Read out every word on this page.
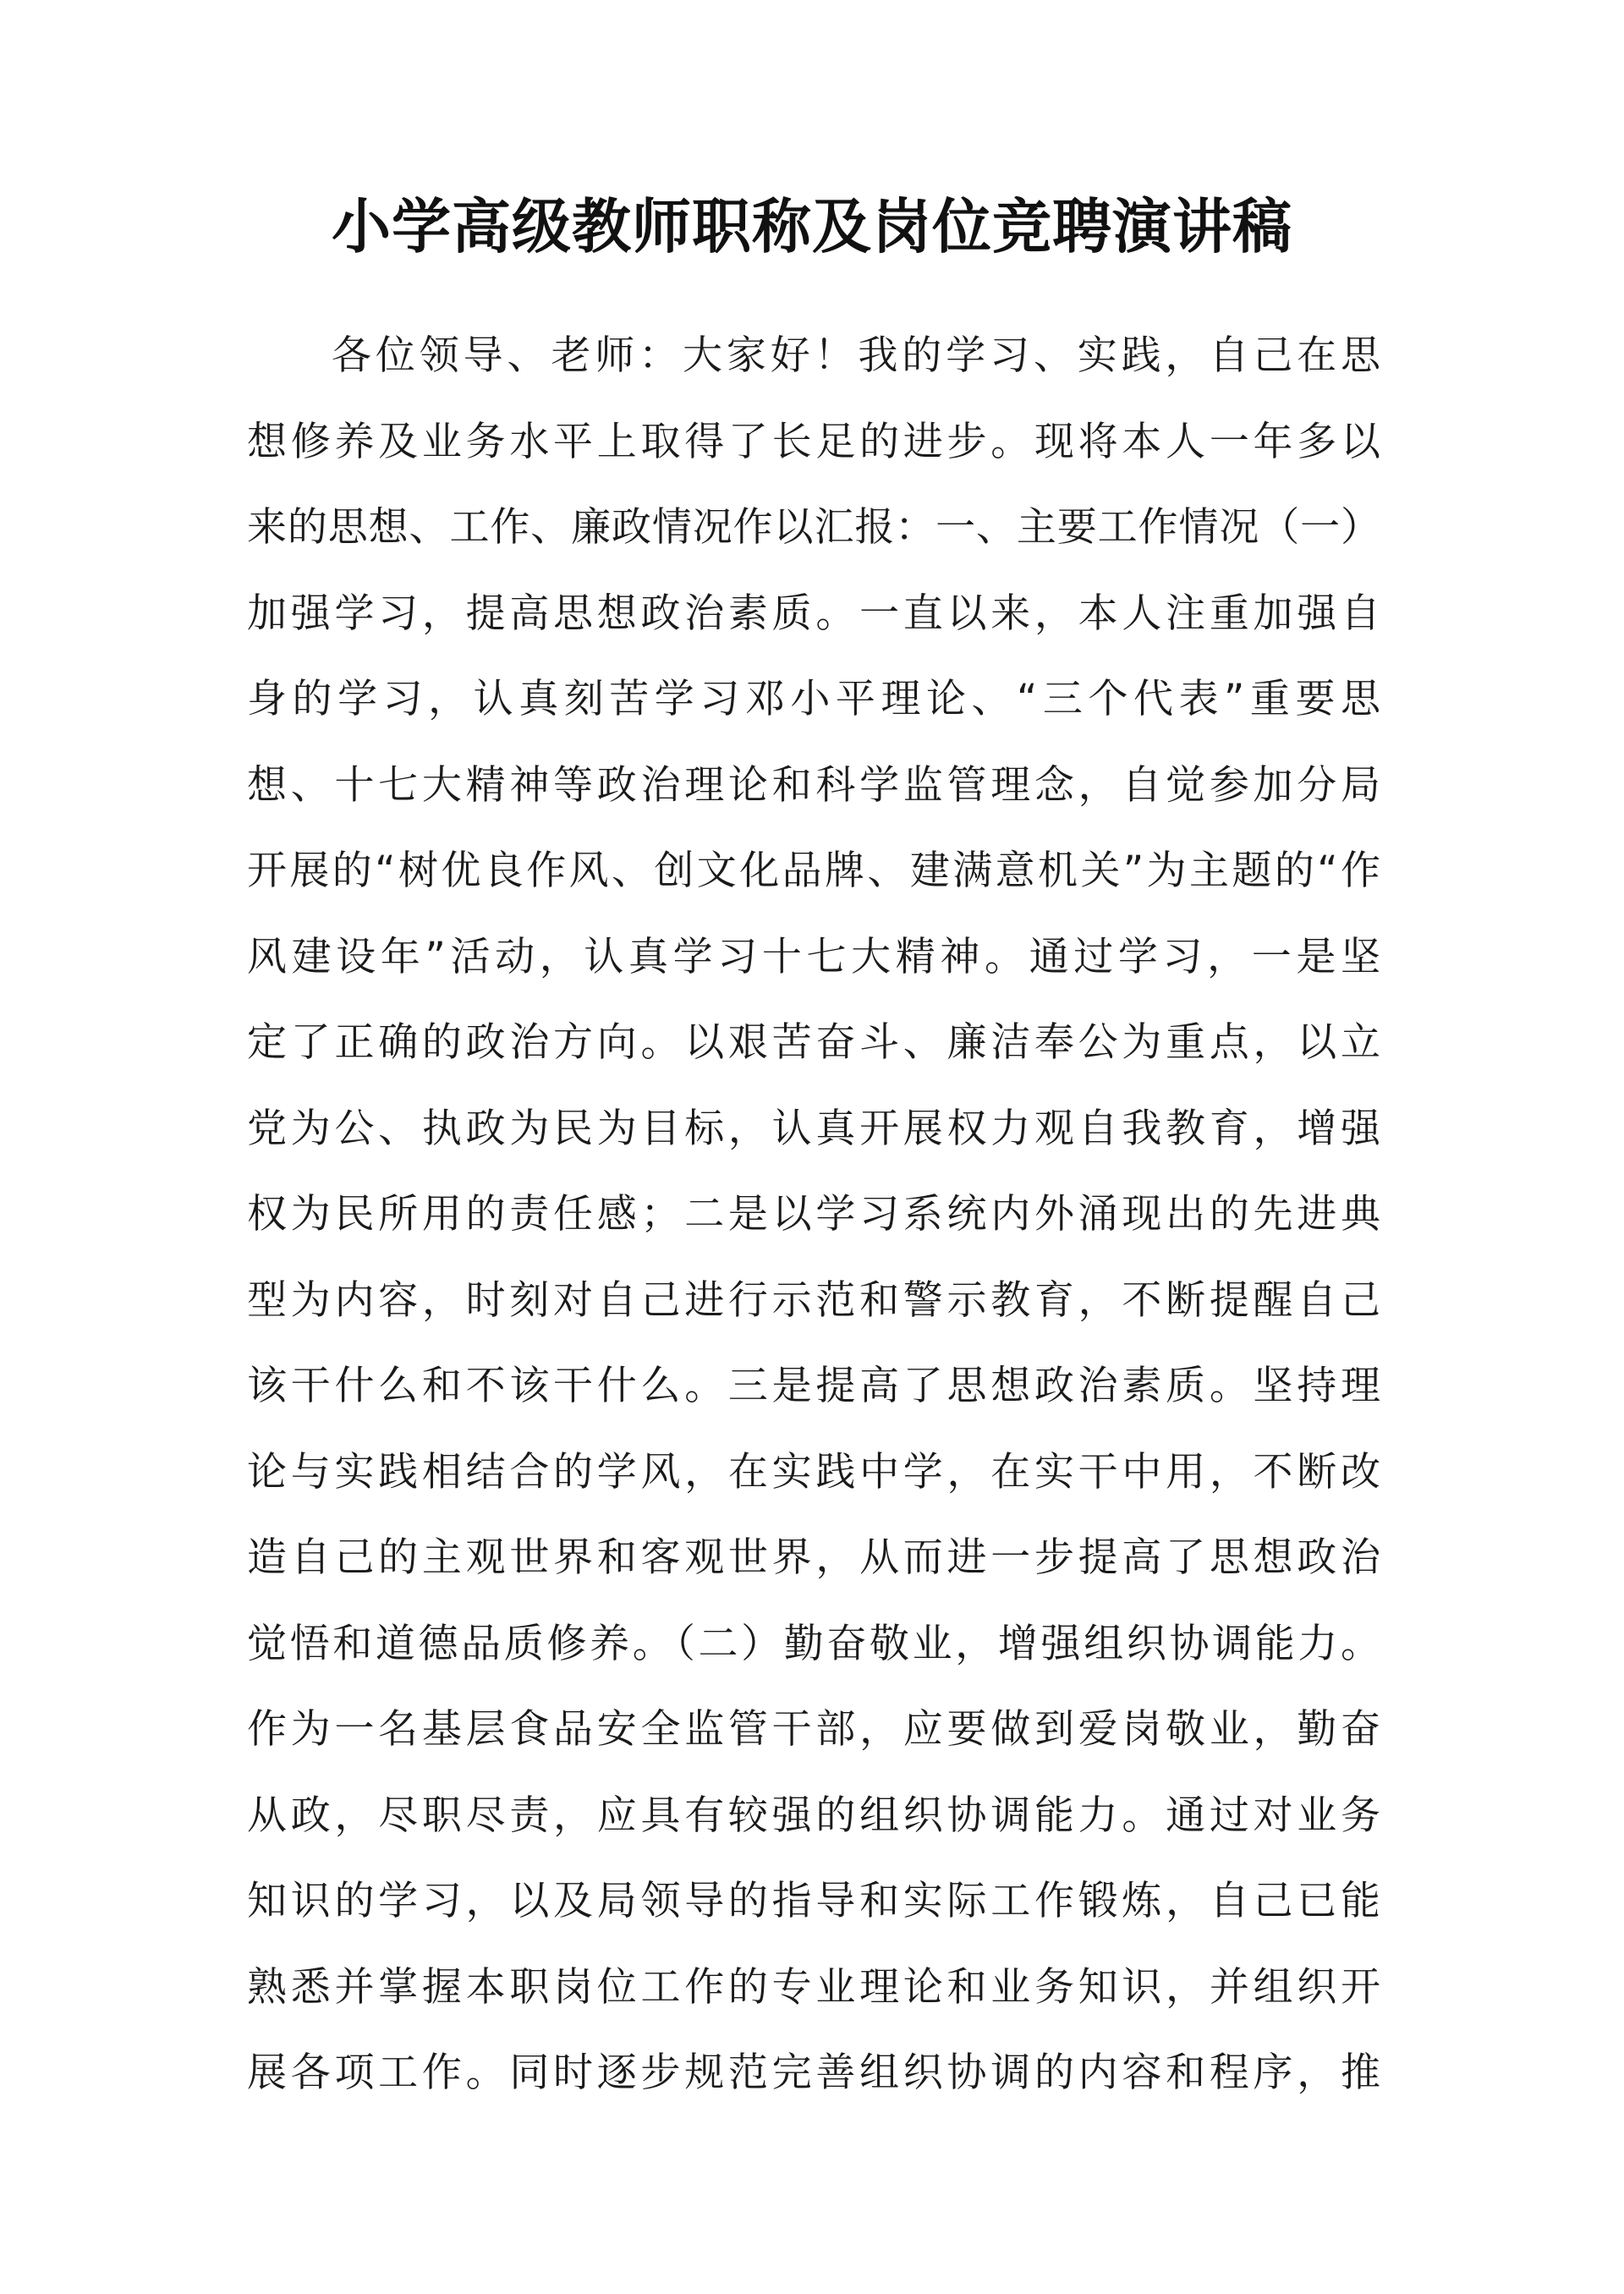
小学高级教师职称及岗位竞聘演讲稿
各位领导、老师：大家好！我的学习、实践，自己在思
想修养及业务水平上取得了长足的进步。现将本人一年多以
来的思想、工作、廉政情况作以汇报：一、主要工作情况（一）
加强学习，提高思想政治素质。一直以来，本人注重加强自
身的学习，认真刻苦学习邓小平理论、“三个代表”重要思
想、十七大精神等政治理论和科学监管理念，自觉参加分局
开展的“树优良作风、创文化品牌、建满意机关”为主题的“作
风建设年”活动，认真学习十七大精神。通过学习，一是坚
定了正确的政治方向。以艰苦奋斗、廉洁奉公为重点，以立
党为公、执政为民为目标，认真开展权力观自我教育，增强
权为民所用的责任感；二是以学习系统内外涌现出的先进典
型为内容，时刻对自己进行示范和警示教育，不断提醒自己
该干什么和不该干什么。三是提高了思想政治素质。坚持理
论与实践相结合的学风，在实践中学，在实干中用，不断改
造自己的主观世界和客观世界，从而进一步提高了思想政治
觉悟和道德品质修养。（二）勤奋敬业，增强组织协调能力。
作为一名基层食品安全监管干部，应要做到爱岗敬业，勤奋
从政，尽职尽责，应具有较强的组织协调能力。通过对业务
知识的学习，以及局领导的指导和实际工作锻炼，自己已能
熟悉并掌握本职岗位工作的专业理论和业务知识，并组织开
展各项工作。同时逐步规范完善组织协调的内容和程序，推
